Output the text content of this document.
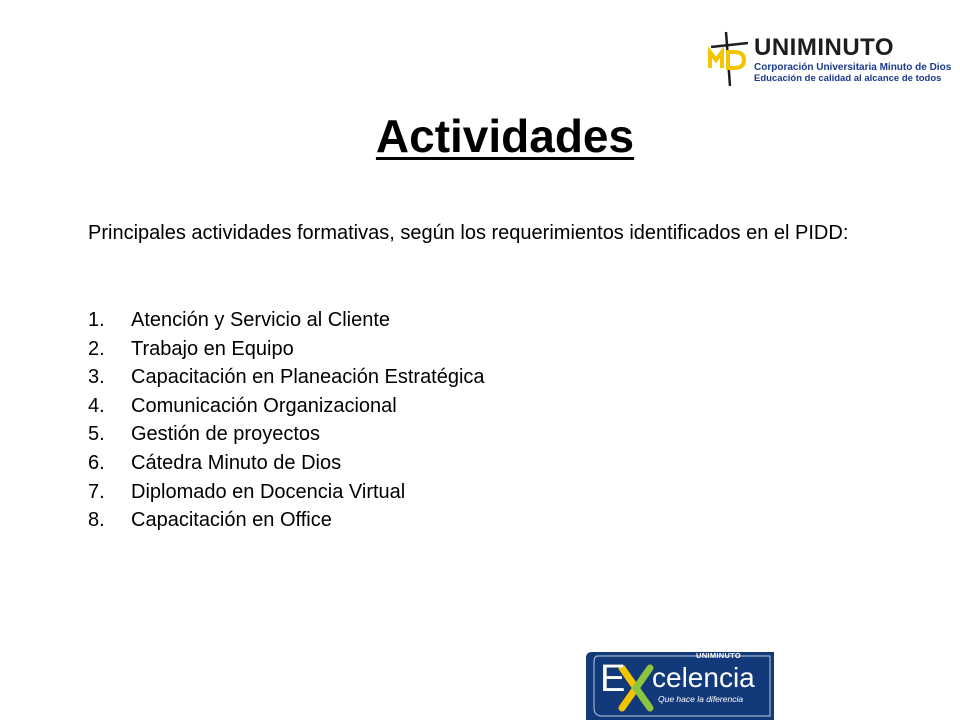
UNIMINUTO
Corporación Universitaria Minuto de Dios
Educación de calidad al alcance de todos
Actividades
Principales actividades formativas, según los requerimientos identificados en el PIDD:
1.	Atención y Servicio al Cliente
2.	Trabajo en Equipo
3.	Capacitación en Planeación Estratégica
4.	Comunicación Organizacional
5.	Gestión de proyectos
6.	Cátedra Minuto de Dios
7.	Diplomado en Docencia Virtual
8.	Capacitación en Office
UNIMINUTO
E celencia
Que hace la diferencia
